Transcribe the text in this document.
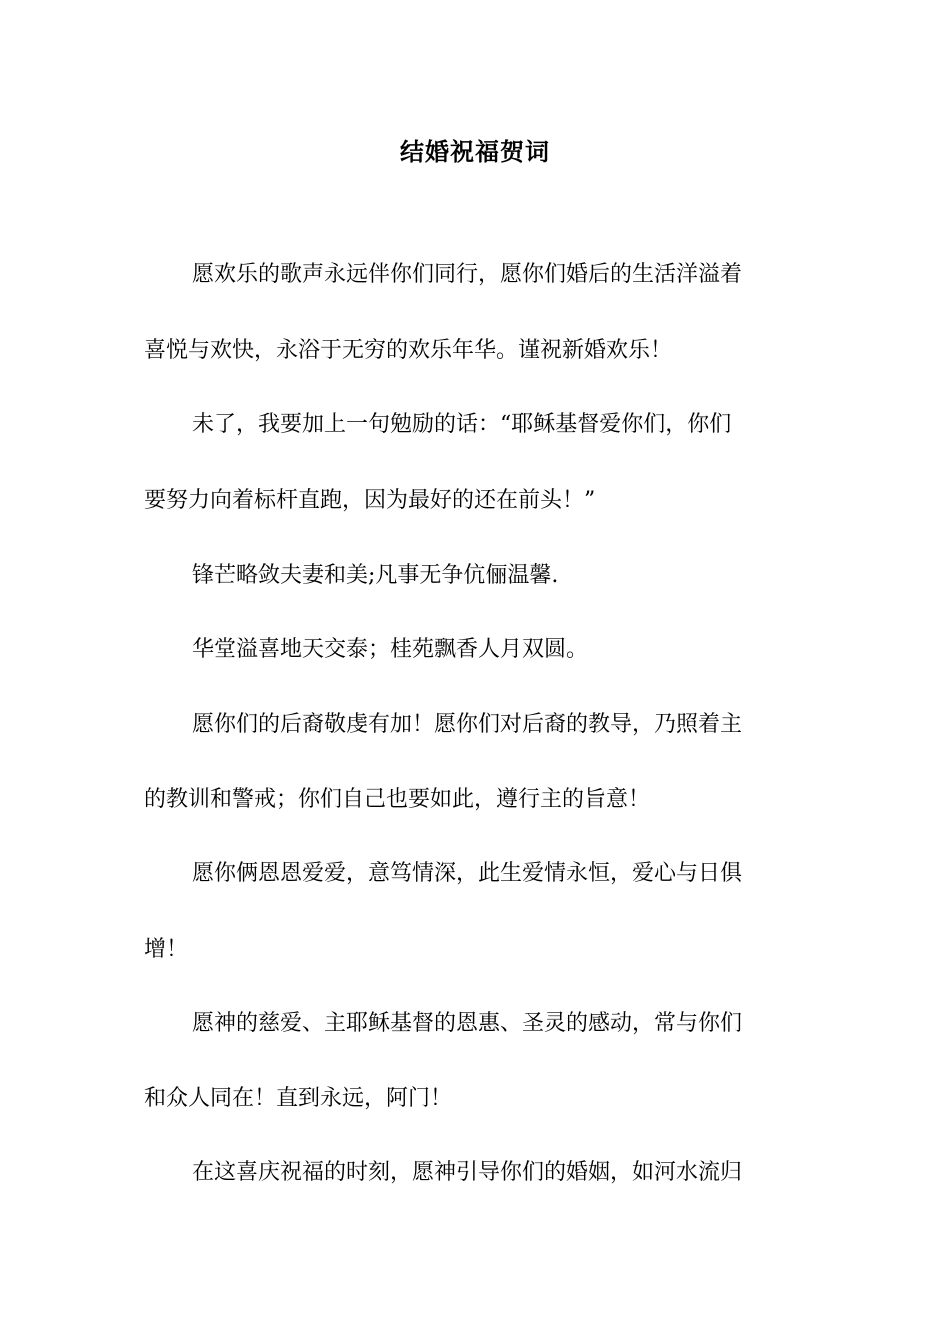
结婚祝福贺词
愿欢乐的歌声永远伴你们同行，愿你们婚后的生活洋溢着
喜悦与欢快，永浴于无穷的欢乐年华。谨祝新婚欢乐！
未了，我要加上一句勉励的话：“耶稣基督爱你们，你们
要努力向着标杆直跑，因为最好的还在前头！”
锋芒略敛夫妻和美;凡事无争伉俪温馨.
华堂溢喜地天交泰；桂苑飘香人月双圆。
愿你们的后裔敬虔有加！愿你们对后裔的教导，乃照着主
的教训和警戒；你们自己也要如此，遵行主的旨意！
愿你俩恩恩爱爱，意笃情深，此生爱情永恒，爱心与日俱
增！
愿神的慈爱、主耶稣基督的恩惠、圣灵的感动，常与你们
和众人同在！直到永远，阿门！
在这喜庆祝福的时刻，愿神引导你们的婚姻，如河水流归
